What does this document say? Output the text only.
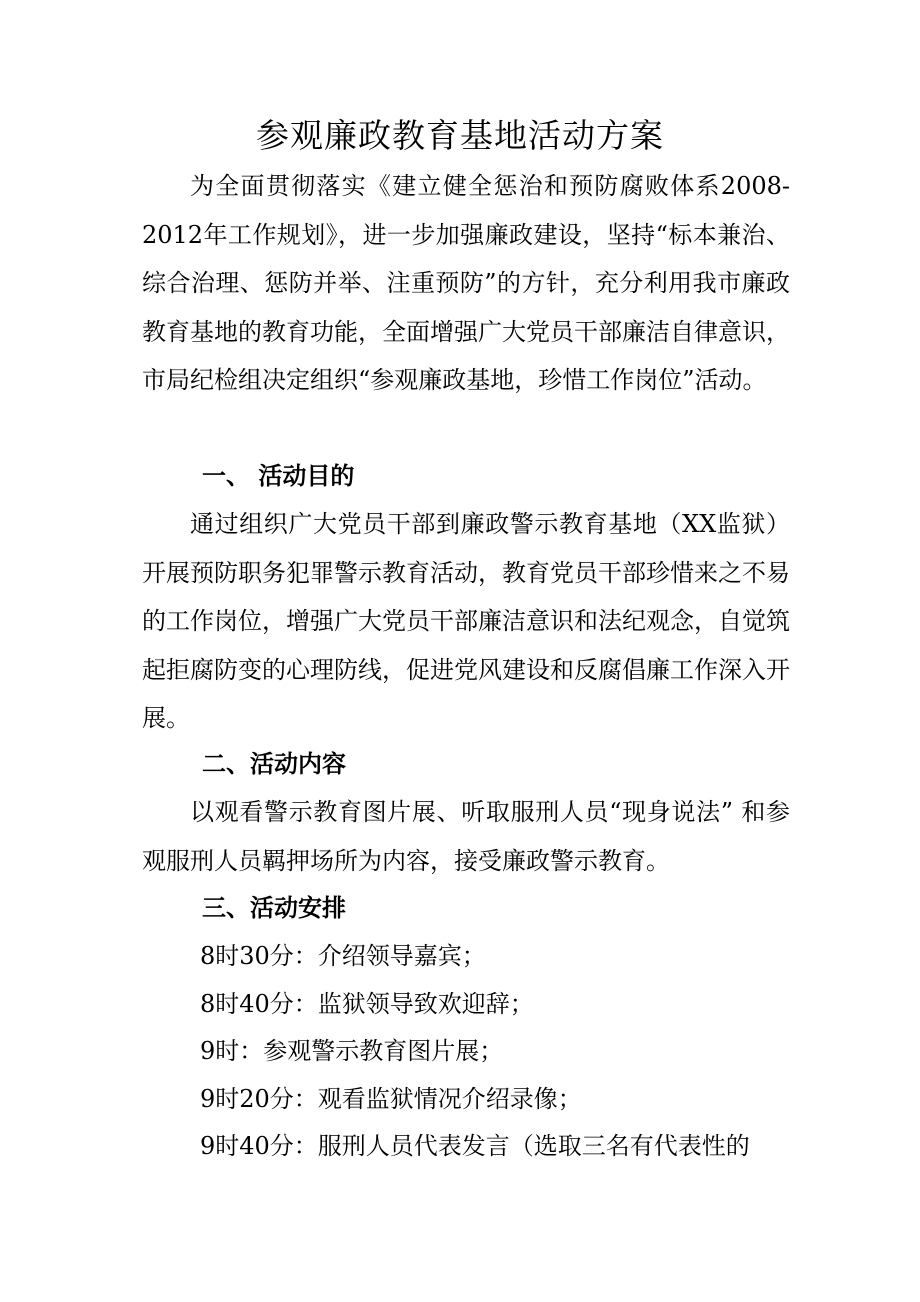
参观廉政教育基地活动方案

为全面贯彻落实《建立健全惩治和预防腐败体系2008-2012年工作规划》，进一步加强廉政建设，坚持“标本兼治、综合治理、惩防并举、注重预防”的方针，充分利用我市廉政教育基地的教育功能，全面增强广大党员干部廉洁自律意识，市局纪检组决定组织“参观廉政基地，珍惜工作岗位”活动。

一、 活动目的

通过组织广大党员干部到廉政警示教育基地（XX监狱）开展预防职务犯罪警示教育活动，教育党员干部珍惜来之不易的工作岗位，增强广大党员干部廉洁意识和法纪观念，自觉筑起拒腐防变的心理防线，促进党风建设和反腐倡廉工作深入开展。

二、活动内容

以观看警示教育图片展、听取服刑人员“现身说法” 和参观服刑人员羁押场所为内容，接受廉政警示教育。

三、活动安排
8时30分：介绍领导嘉宾；
8时40分：监狱领导致欢迎辞；
9时：参观警示教育图片展；
9时20分：观看监狱情况介绍录像；
9时40分：服刑人员代表发言（选取三名有代表性的
